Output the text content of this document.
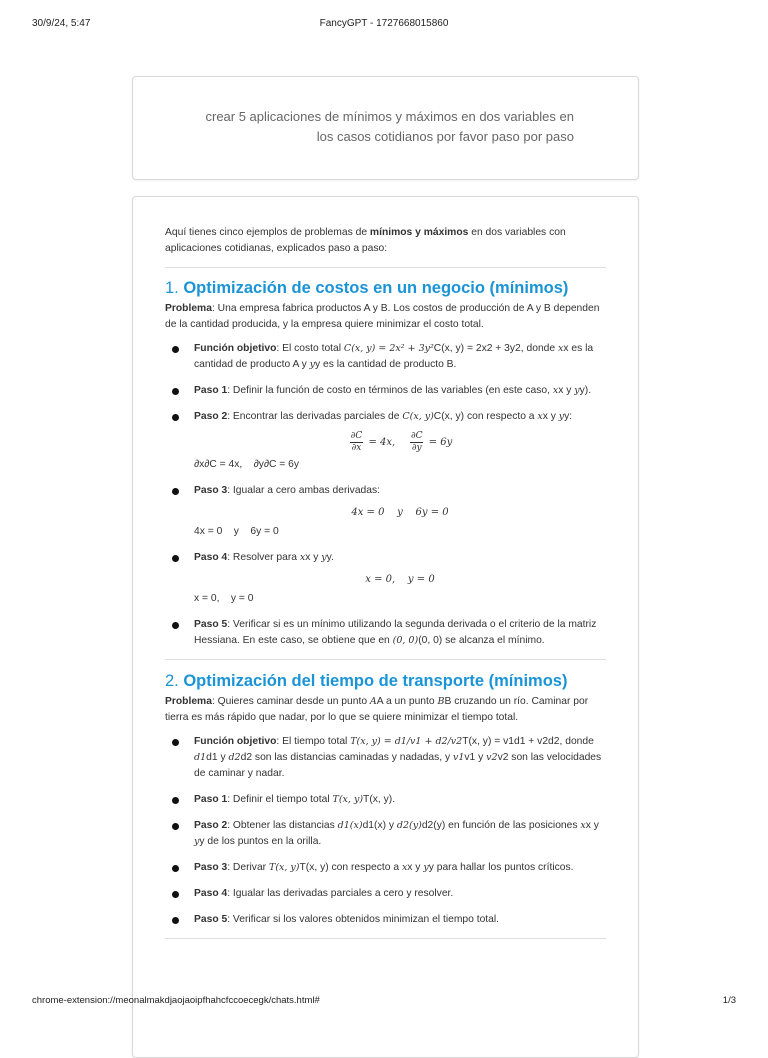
30/9/24, 5:47	FancyGPT - 1727668015860
crear 5 aplicaciones de mínimos y máximos en dos variables en los casos cotidianos por favor paso por paso

Aquí tienes cinco ejemplos de problemas de mínimos y máximos en dos variables con aplicaciones cotidianas, explicados paso a paso:

1. Optimización de costos en un negocio (mínimos)

Problema: Una empresa fabrica productos A y B. Los costos de producción de A y B dependen de la cantidad producida, y la empresa quiere minimizar el costo total.

Función objetivo: El costo total C(x, y) = 2x² + 3y²C(x, y) = 2x2 + 3y2, donde xx es la cantidad de producto A y yy es la cantidad de producto B.
Paso 1: Definir la función de costo en términos de las variables (en este caso, xx y yy).
Paso 2: Encontrar las derivadas parciales de C(x, y)C(x, y) con respecto a xx y yy:
$\frac{\partial C}{\partial x} = 4x$, $\frac{\partial C}{\partial y} = 6y$
∂x∂C = 4x,    ∂y∂C = 6y
Paso 3: Igualar a cero ambas derivadas:
4x = 0    y    6y = 0
4x = 0    y    6y = 0
Paso 4: Resolver para xx y yy.
x = 0,    y = 0
x = 0,    y = 0
Paso 5: Verificar si es un mínimo utilizando la segunda derivada o el criterio de la matriz Hessiana. En este caso, se obtiene que en (0, 0)(0, 0) se alcanza el mínimo.
2. Optimización del tiempo de transporte (mínimos)

Problema: Quieres caminar desde un punto AA a un punto BB cruzando un río. Caminar por tierra es más rápido que nadar, por lo que se quiere minimizar el tiempo total.

Función objetivo: El tiempo total T(x, y) = d1/v1 + d2/v2T(x, y) = v1d1 + v2d2, donde d1d1 y d2d2 son las distancias caminadas y nadadas, y v1v1 y v2v2 son las velocidades de caminar y nadar.
Paso 1: Definir el tiempo total T(x, y)T(x, y).
Paso 2: Obtener las distancias d1(x)d1(x) y d2(y)d2(y) en función de las posiciones xx y yy de los puntos en la orilla.
Paso 3: Derivar T(x, y)T(x, y) con respecto a xx y yy para hallar los puntos críticos.
Paso 4: Igualar las derivadas parciales a cero y resolver.
Paso 5: Verificar si los valores obtenidos minimizan el tiempo total.
chrome-extension://meonalmakdjaojaoipfhahcfccoecegk/chats.html#	1/3
